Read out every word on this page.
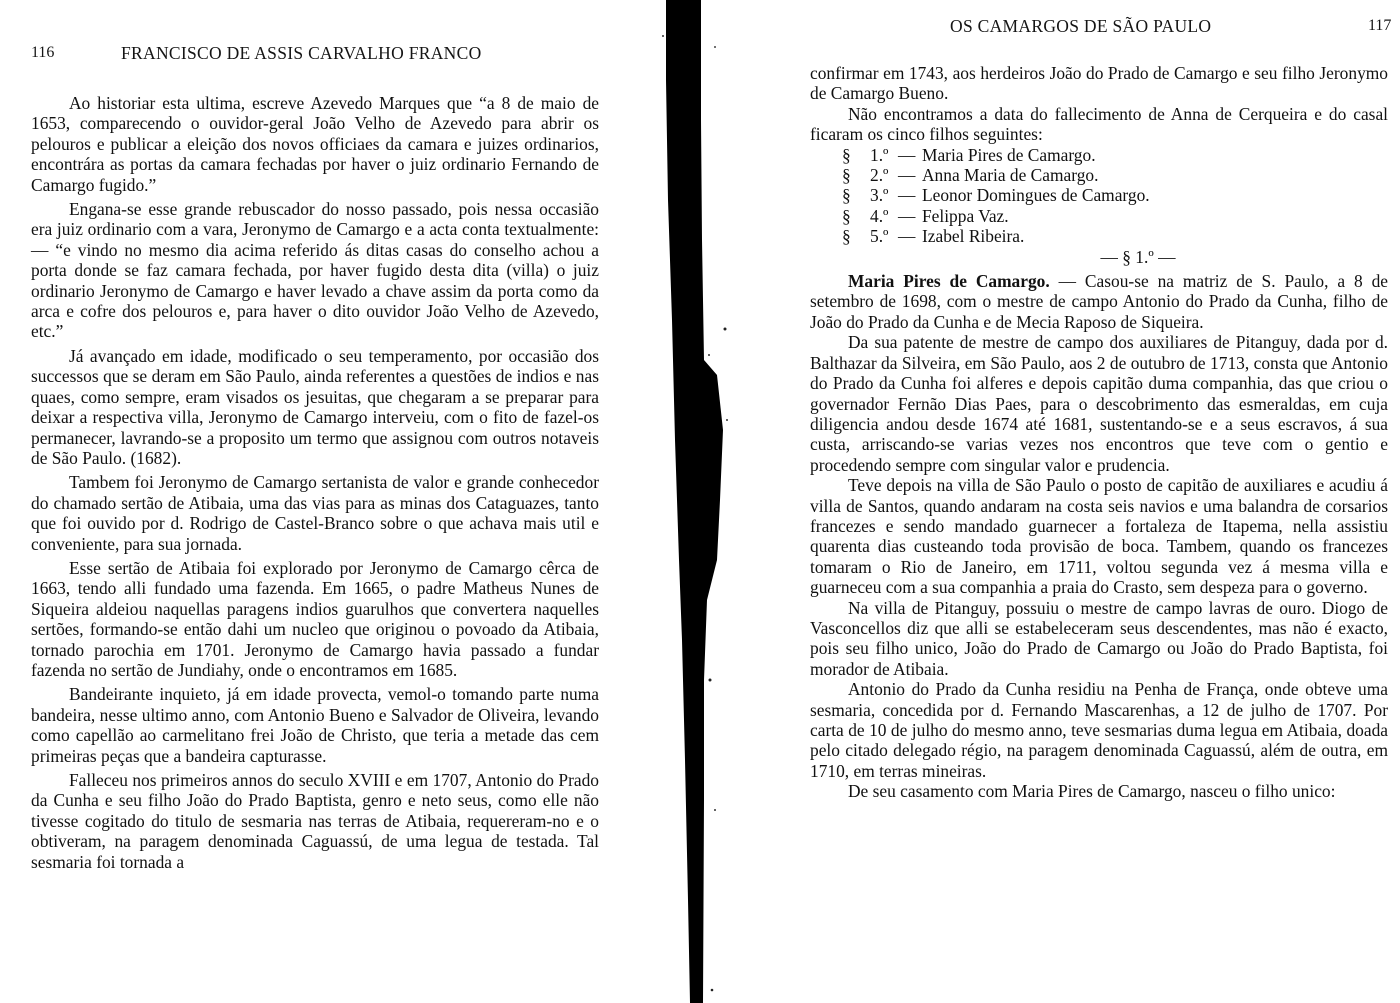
116	FRANCISCO DE ASSIS CARVALHO FRANCO

Ao historiar esta ultima, escreve Azevedo Marques que “a 8 de maio de 1653, comparecendo o ouvidor-geral João Velho de Azevedo para abrir os pelouros e publicar a eleição dos novos officiaes da camara e juizes ordinarios, encontrára as portas da camara fechadas por haver o juiz ordinario Fernando de Camargo fugido.”

Engana-se esse grande rebuscador do nosso passado, pois nessa occasião era juiz ordinario com a vara, Jeronymo de Camargo e a acta conta textualmente: — “e vindo no mesmo dia acima referido ás ditas casas do conselho achou a porta donde se faz camara fechada, por haver fugido desta dita (villa) o juiz ordinario Jeronymo de Camargo e haver levado a chave assim da porta como da arca e cofre dos pelouros e, para haver o dito ouvidor João Velho de Azevedo, etc.”

Já avançado em idade, modificado o seu temperamento, por occasião dos successos que se deram em São Paulo, ainda referentes a questões de indios e nas quaes, como sempre, eram visados os jesuitas, que chegaram a se preparar para deixar a respectiva villa, Jeronymo de Camargo interveiu, com o fito de fazel-os permanecer, lavrando-se a proposito um termo que assignou com outros notaveis de São Paulo. (1682).

Tambem foi Jeronymo de Camargo sertanista de valor e grande conhecedor do chamado sertão de Atibaia, uma das vias para as minas dos Cataguazes, tanto que foi ouvido por d. Rodrigo de Castel-Branco sobre o que achava mais util e conveniente, para sua jornada.

Esse sertão de Atibaia foi explorado por Jeronymo de Camargo cêrca de 1663, tendo alli fundado uma fazenda. Em 1665, o padre Matheus Nunes de Siqueira aldeiou naquellas paragens indios guarulhos que convertera naquelles sertões, formando-se então dahi um nucleo que originou o povoado da Atibaia, tornado parochia em 1701. Jeronymo de Camargo havia passado a fundar fazenda no sertão de Jundiahy, onde o encontramos em 1685.

Bandeirante inquieto, já em idade provecta, vemol-o tomando parte numa bandeira, nesse ultimo anno, com Antonio Bueno e Salvador de Oliveira, levando como capellão ao carmelitano frei João de Christo, que teria a metade das cem primeiras peças que a bandeira capturasse.

Falleceu nos primeiros annos do seculo XVIII e em 1707, Antonio do Prado da Cunha e seu filho João do Prado Baptista, genro e neto seus, como elle não tivesse cogitado do titulo de sesmaria nas terras de Atibaia, requereram-no e o obtiveram, na paragem denominada Caguassú, de uma legua de testada. Tal sesmaria foi tornada a

OS CAMARGOS DE SÃO PAULO	117

confirmar em 1743, aos herdeiros João do Prado de Camargo e seu filho Jeronymo de Camargo Bueno.

Não encontramos a data do fallecimento de Anna de Cerqueira e do casal ficaram os cinco filhos seguintes:

§	1.º — Maria Pires de Camargo.
§	2.º — Anna Maria de Camargo.
§	3.º — Leonor Domingues de Camargo.
§	4.º — Felippa Vaz.
§	5.º — Izabel Ribeira.

— § 1.º —

Maria Pires de Camargo. — Casou-se na matriz de S. Paulo, a 8 de setembro de 1698, com o mestre de campo Antonio do Prado da Cunha, filho de João do Prado da Cunha e de Mecia Raposo de Siqueira.

Da sua patente de mestre de campo dos auxiliares de Pitanguy, dada por d. Balthazar da Silveira, em São Paulo, aos 2 de outubro de 1713, consta que Antonio do Prado da Cunha foi alferes e depois capitão duma companhia, das que criou o governador Fernão Dias Paes, para o descobrimento das esmeraldas, em cuja diligencia andou desde 1674 até 1681, sustentando-se e a seus escravos, á sua custa, arriscando-se varias vezes nos encontros que teve com o gentio e procedendo sempre com singular valor e prudencia.

Teve depois na villa de São Paulo o posto de capitão de auxiliares e acudiu á villa de Santos, quando andaram na costa seis navios e uma balandra de corsarios francezes e sendo mandado guarnecer a fortaleza de Itapema, nella assistiu quarenta dias custeando toda provisão de boca. Tambem, quando os francezes tomaram o Rio de Janeiro, em 1711, voltou segunda vez á mesma villa e guarneceu com a sua companhia a praia do Crasto, sem despeza para o governo.

Na villa de Pitanguy, possuiu o mestre de campo lavras de ouro. Diogo de Vasconcellos diz que alli se estabeleceram seus descendentes, mas não é exacto, pois seu filho unico, João do Prado de Camargo ou João do Prado Baptista, foi morador de Atibaia.

Antonio do Prado da Cunha residiu na Penha de França, onde obteve uma sesmaria, concedida por d. Fernando Mascarenhas, a 12 de julho de 1707. Por carta de 10 de julho do mesmo anno, teve sesmarias duma legua em Atibaia, doada pelo citado delegado régio, na paragem denominada Caguassú, além de outra, em 1710, em terras mineiras.

De seu casamento com Maria Pires de Camargo, nasceu o filho unico:
